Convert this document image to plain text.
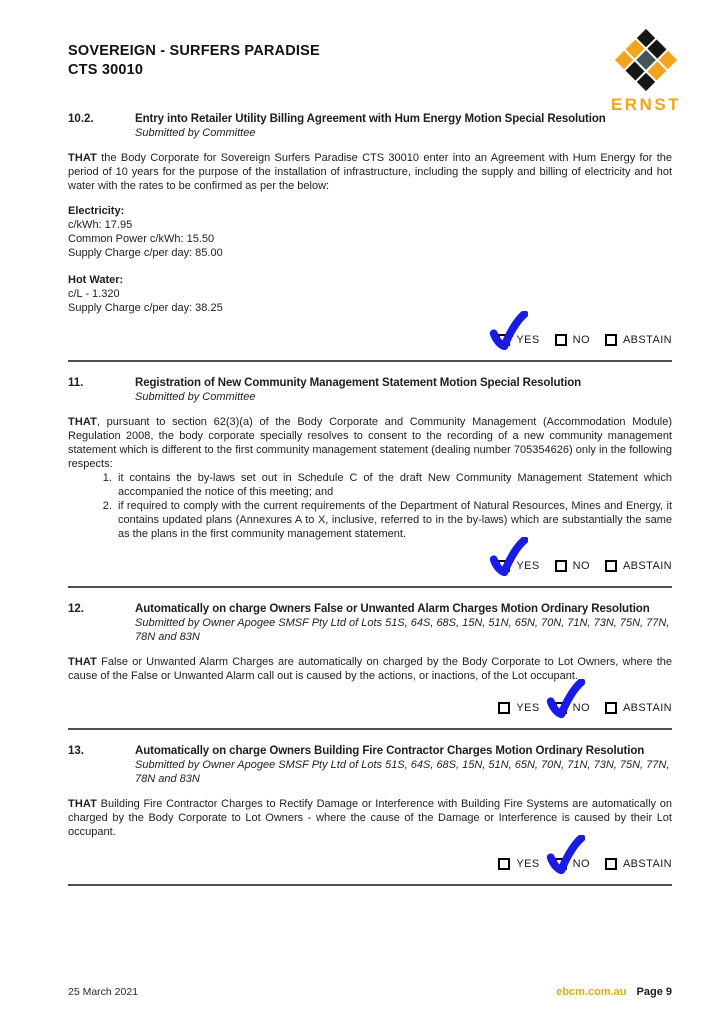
SOVEREIGN - SURFERS PARADISE
CTS 30010
ERNST
10.2.	Entry into Retailer Utility Billing Agreement with Hum Energy Motion Special Resolution
Submitted by Committee

THAT the Body Corporate for Sovereign Surfers Paradise CTS 30010 enter into an Agreement with Hum Energy for the period of 10 years for the purpose of the installation of infrastructure, including the supply and billing of electricity and hot water with the rates to be confirmed as per the below:

Electricity:
c/kWh: 17.95
Common Power c/kWh: 15.50
Supply Charge c/per day: 85.00
Hot Water:
c/L - 1.320
Supply Charge c/per day: 38.25
YES	NO	ABSTAIN
11.	Registration of New Community Management Statement Motion Special Resolution
Submitted by Committee

THAT, pursuant to section 62(3)(a) of the Body Corporate and Community Management (Accommodation Module) Regulation 2008, the body corporate specially resolves to consent to the recording of a new community management statement which is different to the first community management statement (dealing number 705354626) only in the following respects:

1. it contains the by-laws set out in Schedule C of the draft New Community Management Statement which accompanied the notice of this meeting; and
2. if required to comply with the current requirements of the Department of Natural Resources, Mines and Energy, it contains updated plans (Annexures A to X, inclusive, referred to in the by-laws) which are substantially the same as the plans in the first community management statement.
YES	NO	ABSTAIN
12.	Automatically on charge Owners False or Unwanted Alarm Charges Motion Ordinary Resolution
Submitted by Owner Apogee SMSF Pty Ltd of Lots 51S, 64S, 68S, 15N, 51N, 65N, 70N, 71N, 73N, 75N, 77N, 78N and 83N

THAT False or Unwanted Alarm Charges are automatically on charged by the Body Corporate to Lot Owners, where the cause of the False or Unwanted Alarm call out is caused by the actions, or inactions, of the Lot occupant.

YES	NO	ABSTAIN
13.	Automatically on charge Owners Building Fire Contractor Charges Motion Ordinary Resolution
Submitted by Owner Apogee SMSF Pty Ltd of Lots 51S, 64S, 68S, 15N, 51N, 65N, 70N, 71N, 73N, 75N, 77N, 78N and 83N

THAT Building Fire Contractor Charges to Rectify Damage or Interference with Building Fire Systems are automatically on charged by the Body Corporate to Lot Owners - where the cause of the Damage or Interference is caused by their Lot occupant.

YES	NO	ABSTAIN
25 March 2021	ebcm.com.au Page 9
